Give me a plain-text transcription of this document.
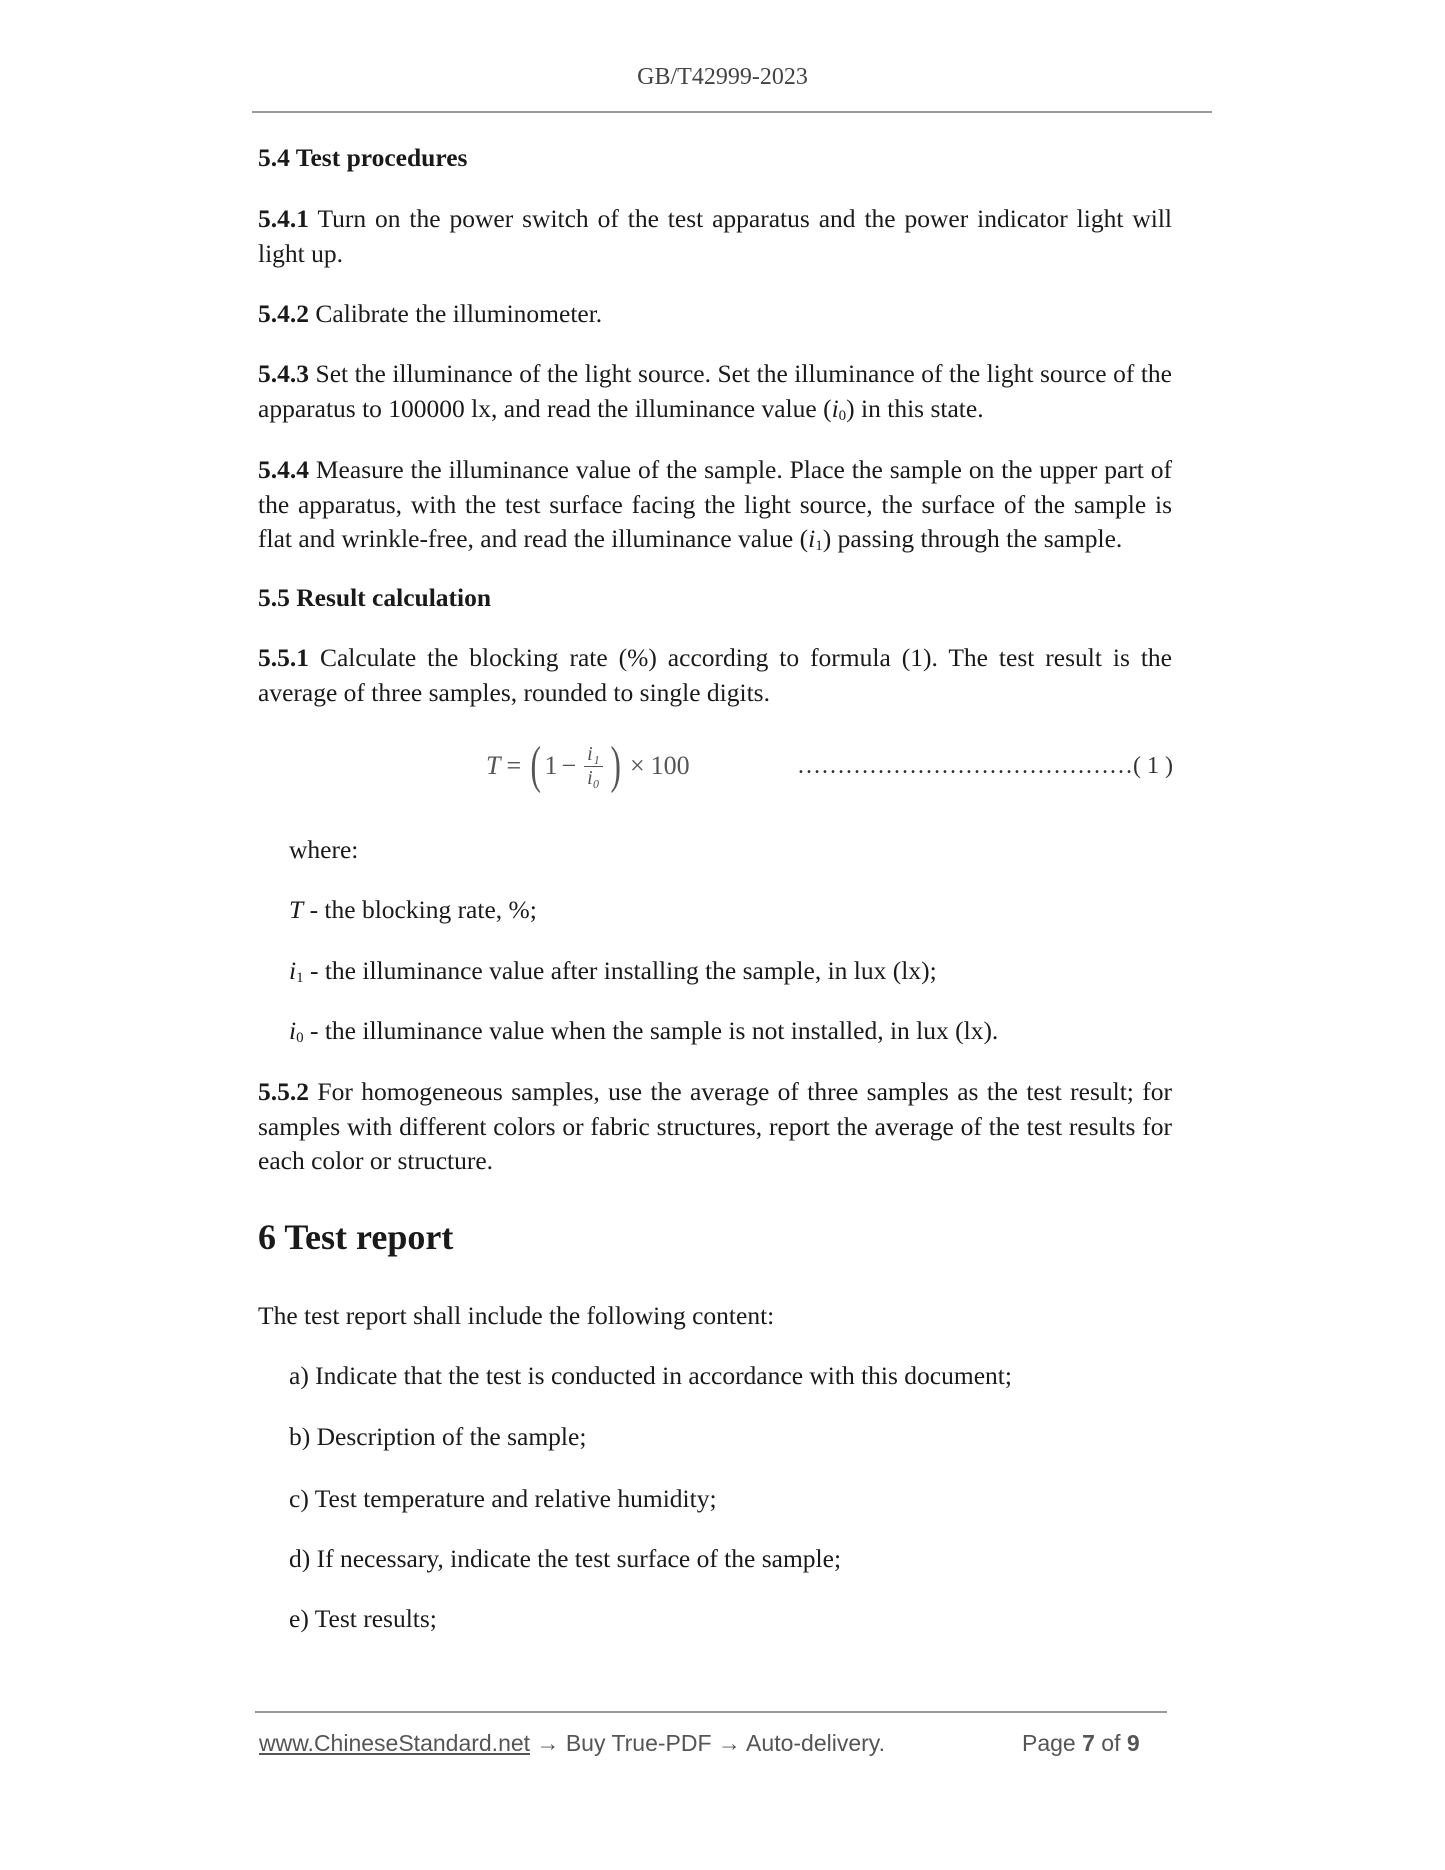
GB/T42999-2023
5.4 Test procedures
5.4.1 Turn on the power switch of the test apparatus and the power indicator light will light up.
5.4.2 Calibrate the illuminometer.
5.4.3 Set the illuminance of the light source. Set the illuminance of the light source of the apparatus to 100000 lx, and read the illuminance value $(i_0)$ in this state.
5.4.4 Measure the illuminance value of the sample. Place the sample on the upper part of the apparatus, with the test surface facing the light source, the surface of the sample is flat and wrinkle-free, and read the illuminance value $(i_1)$ passing through the sample.
5.5 Result calculation
5.5.1 Calculate the blocking rate (%) according to formula (1). The test result is the average of three samples, rounded to single digits.
T = ( $1 - \frac{\text{i₁}}{\text{i₀}}$ ) × 100	…………………………………… ( 1 )
where:
T - the blocking rate, %;
$i_1$ - the illuminance value after installing the sample, in lux (lx);
$i_0$ - the illuminance value when the sample is not installed, in lux (lx).
5.5.2 For homogeneous samples, use the average of three samples as the test result; for samples with different colors or fabric structures, report the average of the test results for each color or structure.
6 Test report
The test report shall include the following content:
a) Indicate that the test is conducted in accordance with this document;
b) Description of the sample;
c) Test temperature and relative humidity;
d) If necessary, indicate the test surface of the sample;
e) Test results;
www.ChineseStandard.net → Buy True-PDF → Auto-delivery.	Page 7 of 9
